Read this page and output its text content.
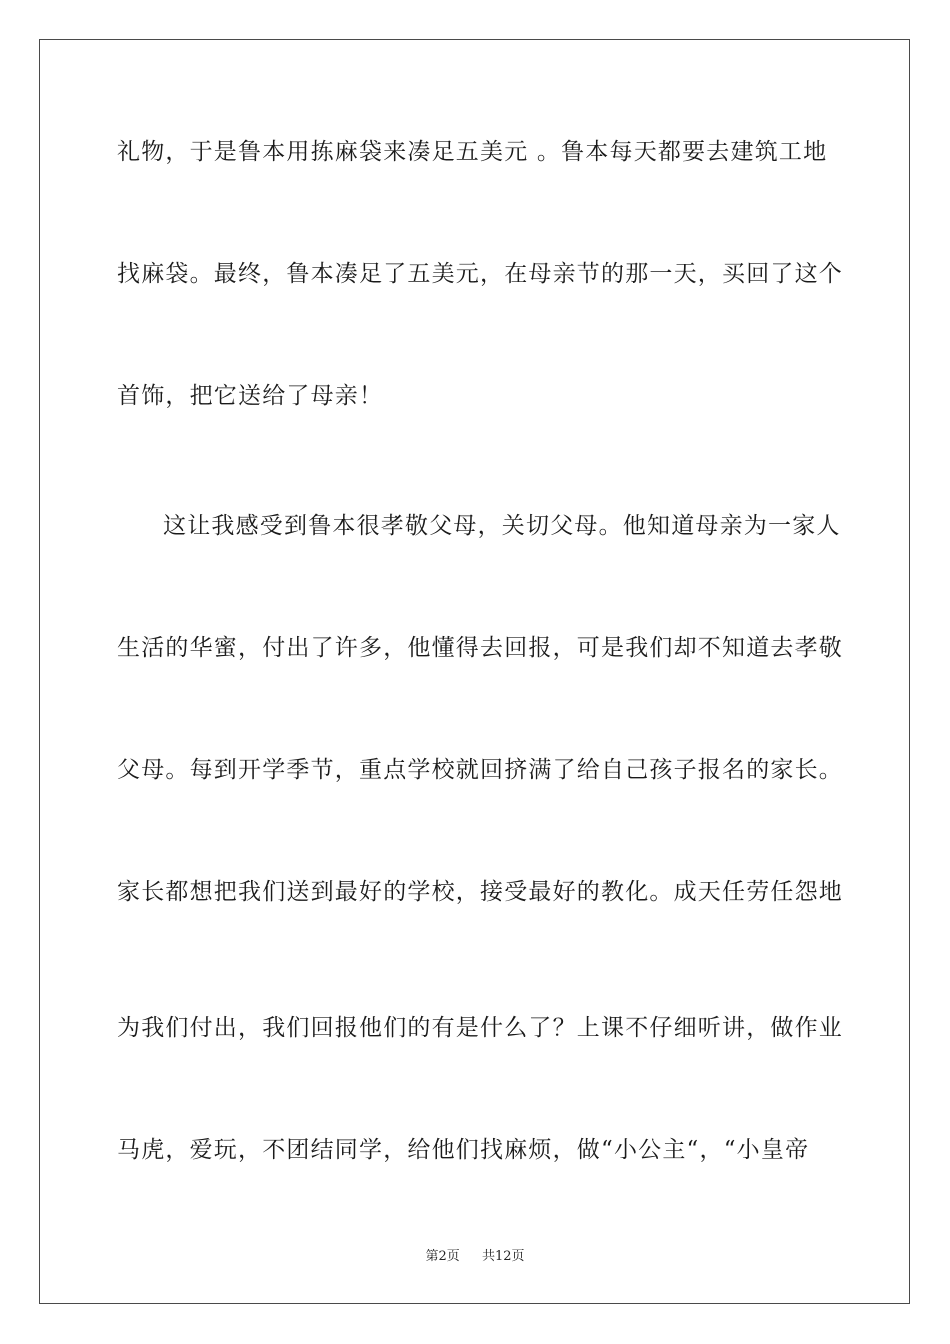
礼物，于是鲁本用拣麻袋来凑足五美元 。鲁本每天都要去建筑工地
找麻袋。最终，鲁本凑足了五美元，在母亲节的那一天，买回了这个
首饰，把它送给了母亲！
这让我感受到鲁本很孝敬父母，关切父母。他知道母亲为一家人
生活的华蜜，付出了许多，他懂得去回报，可是我们却不知道去孝敬
父母。每到开学季节，重点学校就回挤满了给自己孩子报名的家长。
家长都想把我们送到最好的学校，接受最好的教化。成天任劳任怨地
为我们付出，我们回报他们的有是什么了？上课不仔细听讲，做作业
马虎，爱玩，不团结同学，给他们找麻烦，做“小公主“，“小皇帝
第2页 共12页
